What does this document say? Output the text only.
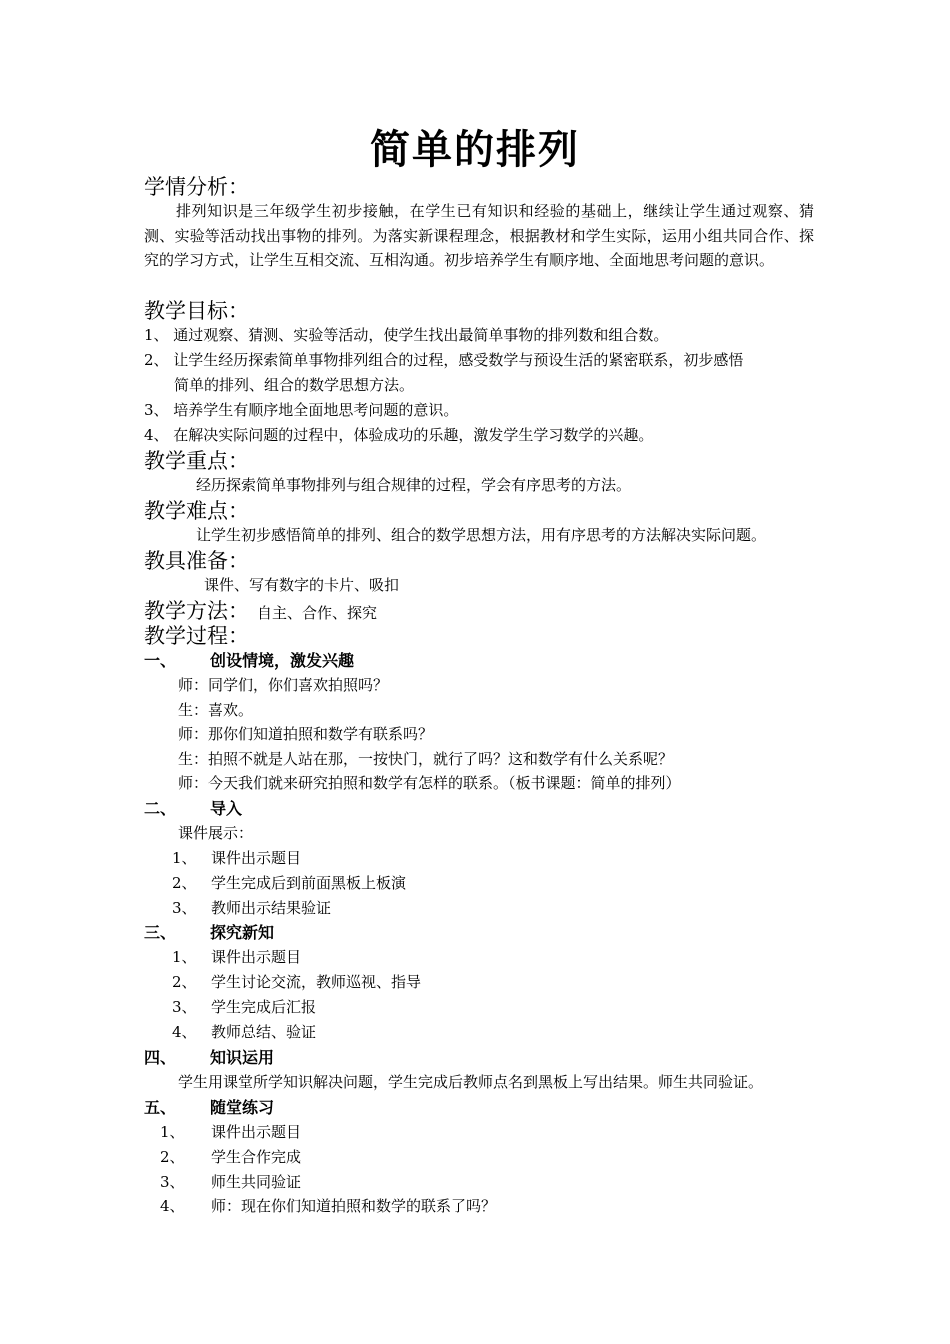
简单的排列
学情分析：
排列知识是三年级学生初步接触，在学生已有知识和经验的基础上，继续让学生通过观察、猜测、实验等活动找出事物的排列。为落实新课程理念，根据教材和学生实际，运用小组共同合作、探究的学习方式，让学生互相交流、互相沟通。初步培养学生有顺序地、全面地思考问题的意识。
教学目标：
1、 通过观察、猜测、实验等活动，使学生找出最简单事物的排列数和组合数。
2、 让学生经历探索简单事物排列组合的过程，感受数学与预设生活的紧密联系，初步感悟
简单的排列、组合的数学思想方法。
3、 培养学生有顺序地全面地思考问题的意识。
4、 在解决实际问题的过程中，体验成功的乐趣，激发学生学习数学的兴趣。
教学重点：
经历探索简单事物排列与组合规律的过程，学会有序思考的方法。
教学难点：
让学生初步感悟简单的排列、组合的数学思想方法，用有序思考的方法解决实际问题。
教具准备：
课件、写有数字的卡片、吸扣
教学方法： 自主、合作、探究
教学过程：
一、 创设情境，激发兴趣
师：同学们，你们喜欢拍照吗？
生：喜欢。
师：那你们知道拍照和数学有联系吗？
生：拍照不就是人站在那，一按快门，就行了吗？这和数学有什么关系呢？
师：今天我们就来研究拍照和数学有怎样的联系。（板书课题：简单的排列）
二、 导入
课件展示：
1、 课件出示题目
2、 学生完成后到前面黑板上板演
3、 教师出示结果验证
三、 探究新知
1、 课件出示题目
2、 学生讨论交流，教师巡视、指导
3、 学生完成后汇报
4、 教师总结、验证
四、 知识运用
学生用课堂所学知识解决问题，学生完成后教师点名到黑板上写出结果。师生共同验证。
五、 随堂练习
1、 课件出示题目
2、 学生合作完成
3、 师生共同验证
4、 师：现在你们知道拍照和数学的联系了吗？
